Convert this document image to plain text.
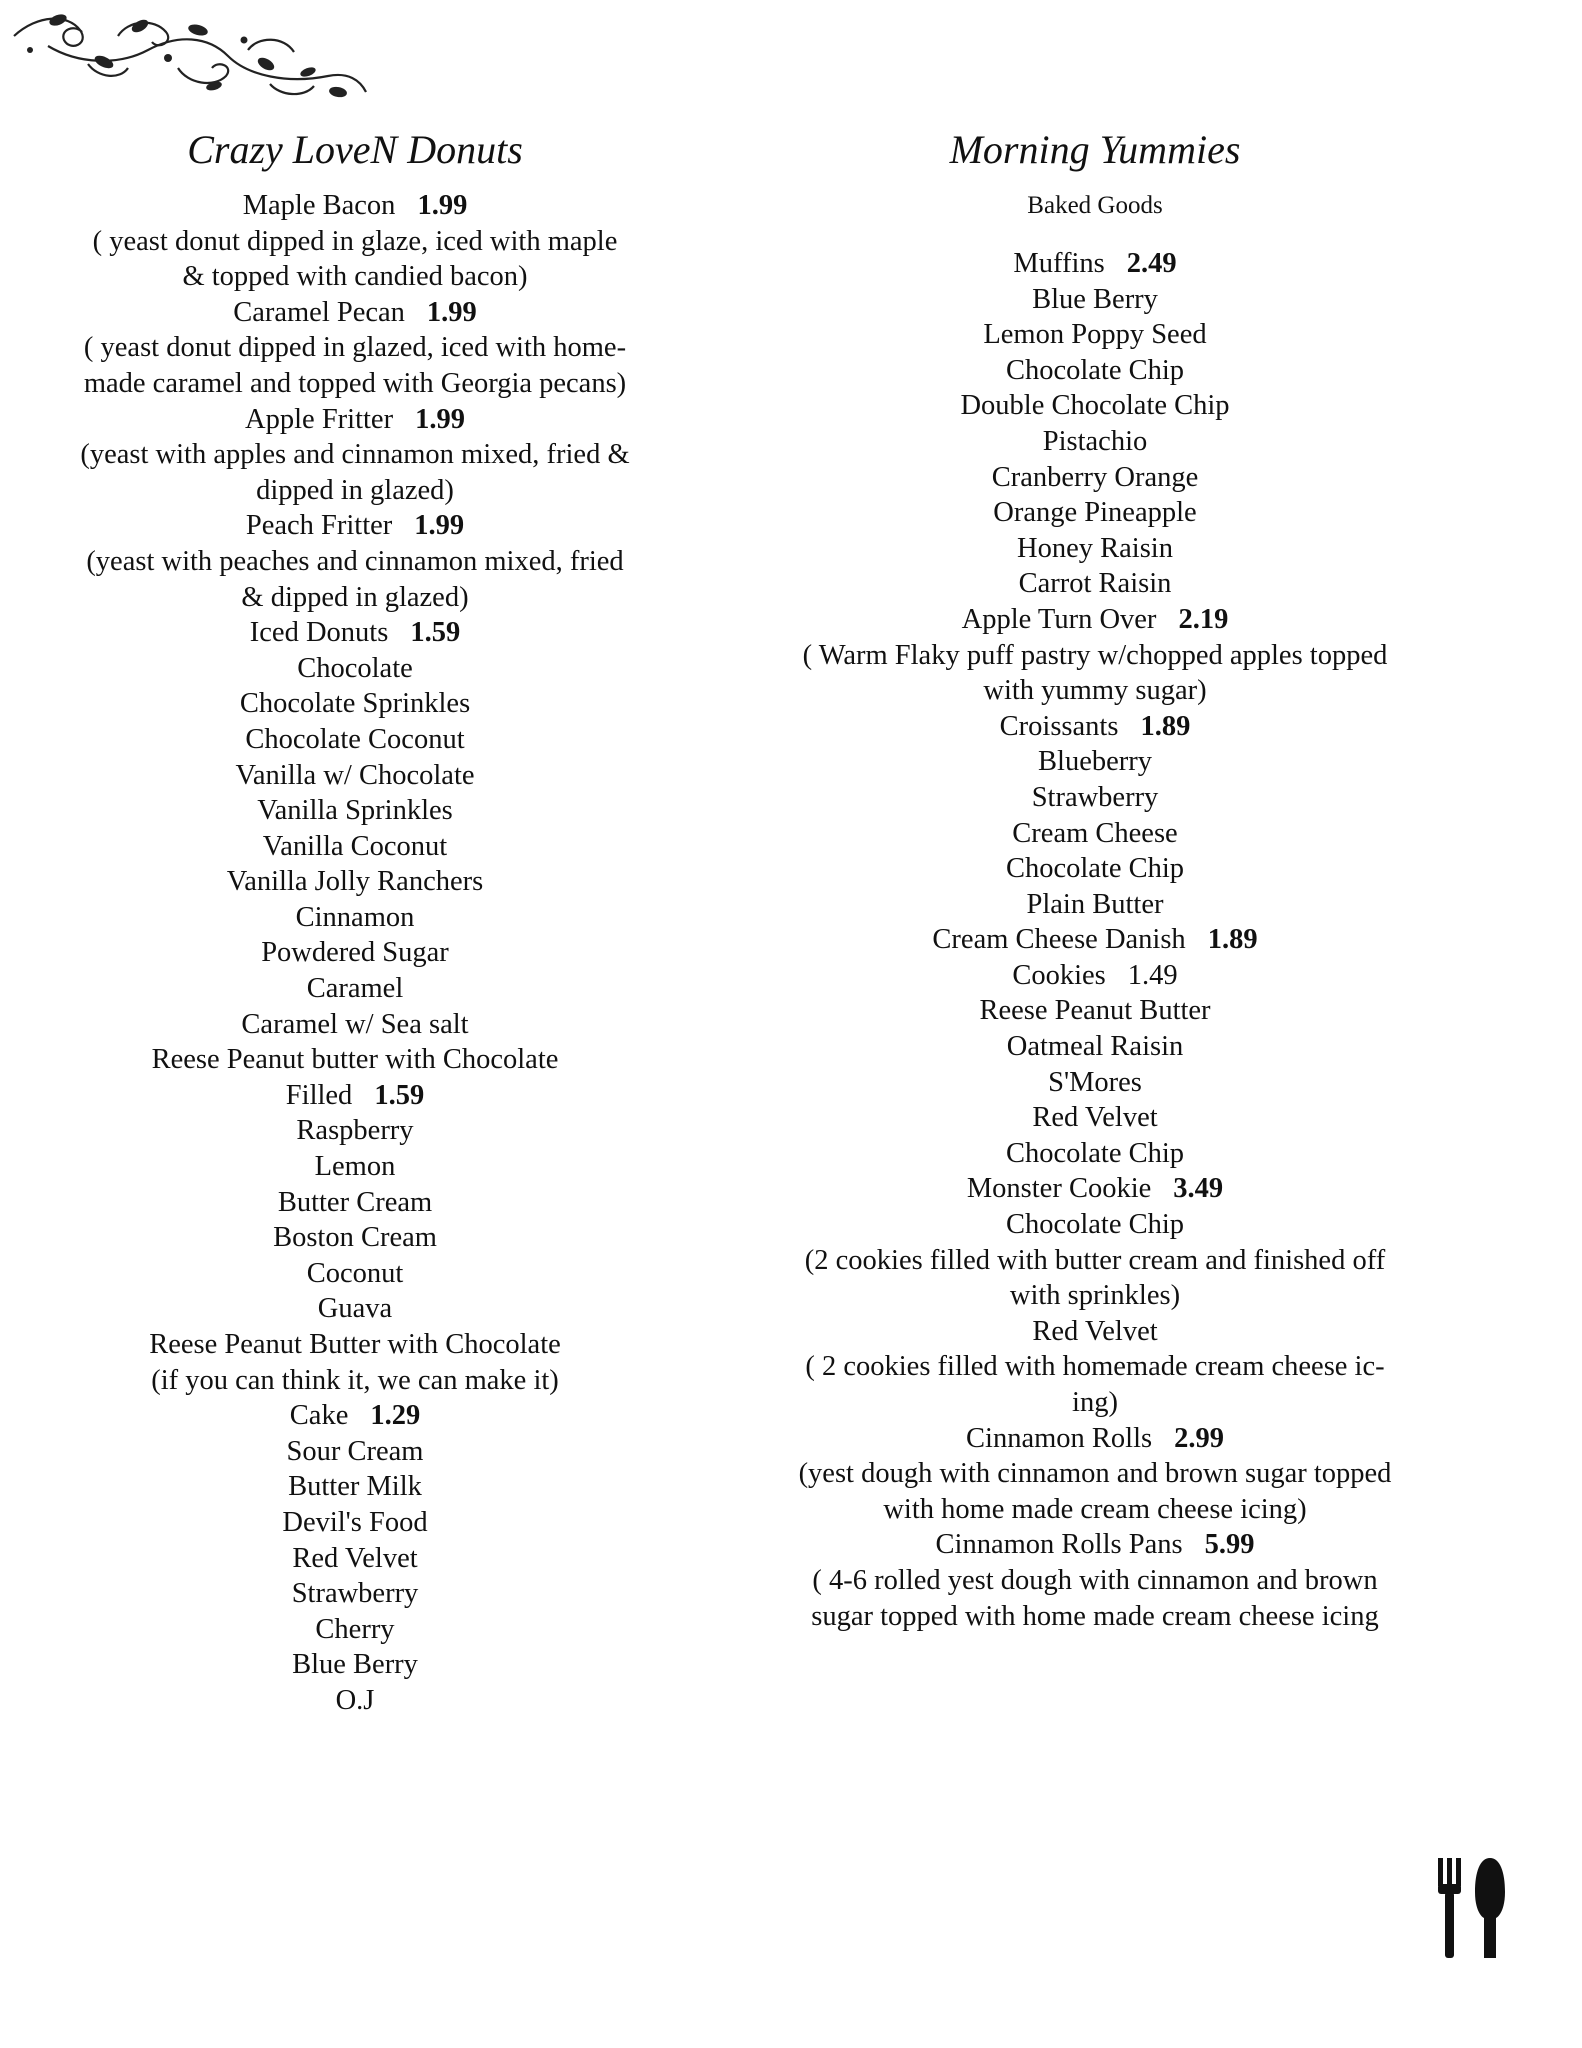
Crazy LoveN Donuts
Maple Bacon 1.99
( yeast donut dipped in glaze, iced with maple
& topped with candied bacon)
Caramel Pecan 1.99
( yeast donut dipped in glazed, iced with home-
made caramel and topped with Georgia pecans)
Apple Fritter 1.99
(yeast with apples and cinnamon mixed, fried &
dipped in glazed)
Peach Fritter 1.99
(yeast with peaches and cinnamon mixed, fried
& dipped in glazed)
Iced Donuts 1.59
Chocolate
Chocolate Sprinkles
Chocolate Coconut
Vanilla w/ Chocolate
Vanilla Sprinkles
Vanilla Coconut
Vanilla Jolly Ranchers
Cinnamon
Powdered Sugar
Caramel
Caramel w/ Sea salt
Reese Peanut butter with Chocolate
Filled 1.59
Raspberry
Lemon
Butter Cream
Boston Cream
Coconut
Guava
Reese Peanut Butter with Chocolate
(if you can think it, we can make it)
Cake 1.29
Sour Cream
Butter Milk
Devil's Food
Red Velvet
Strawberry
Cherry
Blue Berry
O.J
Morning Yummies
Baked Goods
Muffins 2.49
Blue Berry
Lemon Poppy Seed
Chocolate Chip
Double Chocolate Chip
Pistachio
Cranberry Orange
Orange Pineapple
Honey Raisin
Carrot Raisin
Apple Turn Over 2.19
( Warm Flaky puff pastry w/chopped apples topped
with yummy sugar)
Croissants 1.89
Blueberry
Strawberry
Cream Cheese
Chocolate Chip
Plain Butter
Cream Cheese Danish 1.89
Cookies 1.49
Reese Peanut Butter
Oatmeal Raisin
S'Mores
Red Velvet
Chocolate Chip
Monster Cookie 3.49
Chocolate Chip
(2 cookies filled with butter cream and finished off
with sprinkles)
Red Velvet
( 2 cookies filled with homemade cream cheese ic-
ing)
Cinnamon Rolls 2.99
(yest dough with cinnamon and brown sugar topped
with home made cream cheese icing)
Cinnamon Rolls Pans 5.99
( 4-6 rolled yest dough with cinnamon and brown
sugar topped with home made cream cheese icing
